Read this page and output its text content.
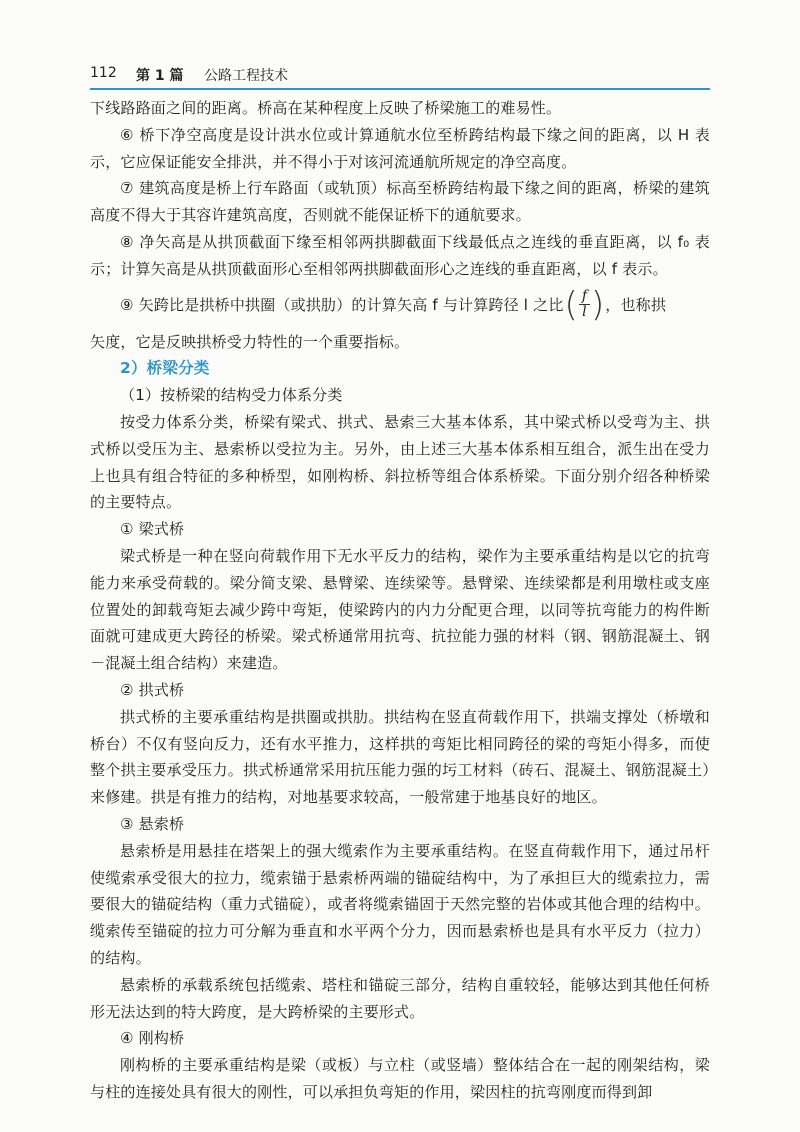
112 第 1 篇 公路工程技术

下线路路面之间的距离。桥高在某种程度上反映了桥梁施工的难易性。

⑥ 桥下净空高度是设计洪水位或计算通航水位至桥跨结构最下缘之间的距离，以 H 表示，它应保证能安全排洪，并不得小于对该河流通航所规定的净空高度。

⑦ 建筑高度是桥上行车路面（或轨顶）标高至桥跨结构最下缘之间的距离，桥梁的建筑高度不得大于其容许建筑高度，否则就不能保证桥下的通航要求。

⑧ 净矢高是从拱顶截面下缘至相邻两拱脚截面下线最低点之连线的垂直距离，以 f₀ 表示；计算矢高是从拱顶截面形心至相邻两拱脚截面形心之连线的垂直距离，以 f 表示。

⑨ 矢跨比是拱桥中拱圈（或拱肋）的计算矢高 f 与计算跨径 l 之比 ( $\frac{f}{l}$ ) ，也称拱

矢度，它是反映拱桥受力特性的一个重要指标。

2）桥梁分类

（1）按桥梁的结构受力体系分类

按受力体系分类，桥梁有梁式、拱式、悬索三大基本体系，其中梁式桥以受弯为主、拱式桥以受压为主、悬索桥以受拉为主。另外，由上述三大基本体系相互组合，派生出在受力上也具有组合特征的多种桥型，如刚构桥、斜拉桥等组合体系桥梁。下面分别介绍各种桥梁的主要特点。

① 梁式桥

梁式桥是一种在竖向荷载作用下无水平反力的结构，梁作为主要承重结构是以它的抗弯能力来承受荷载的。梁分简支梁、悬臂梁、连续梁等。悬臂梁、连续梁都是利用墩柱或支座位置处的卸载弯矩去减少跨中弯矩，使梁跨内的内力分配更合理，以同等抗弯能力的构件断面就可建成更大跨径的桥梁。梁式桥通常用抗弯、抗拉能力强的材料（钢、钢筋混凝土、钢－混凝土组合结构）来建造。

② 拱式桥

拱式桥的主要承重结构是拱圈或拱肋。拱结构在竖直荷载作用下，拱端支撑处（桥墩和桥台）不仅有竖向反力，还有水平推力，这样拱的弯矩比相同跨径的梁的弯矩小得多，而使整个拱主要承受压力。拱式桥通常采用抗压能力强的圬工材料（砖石、混凝土、钢筋混凝土）来修建。拱是有推力的结构，对地基要求较高，一般常建于地基良好的地区。

③ 悬索桥

悬索桥是用悬挂在塔架上的强大缆索作为主要承重结构。在竖直荷载作用下，通过吊杆使缆索承受很大的拉力，缆索锚于悬索桥两端的锚碇结构中，为了承担巨大的缆索拉力，需要很大的锚碇结构（重力式锚碇），或者将缆索锚固于天然完整的岩体或其他合理的结构中。缆索传至锚碇的拉力可分解为垂直和水平两个分力，因而悬索桥也是具有水平反力（拉力）的结构。

悬索桥的承载系统包括缆索、塔柱和锚碇三部分，结构自重较轻，能够达到其他任何桥形无法达到的特大跨度，是大跨桥梁的主要形式。

④ 刚构桥

刚构桥的主要承重结构是梁（或板）与立柱（或竖墙）整体结合在一起的刚架结构，梁与柱的连接处具有很大的刚性，可以承担负弯矩的作用，梁因柱的抗弯刚度而得到卸
